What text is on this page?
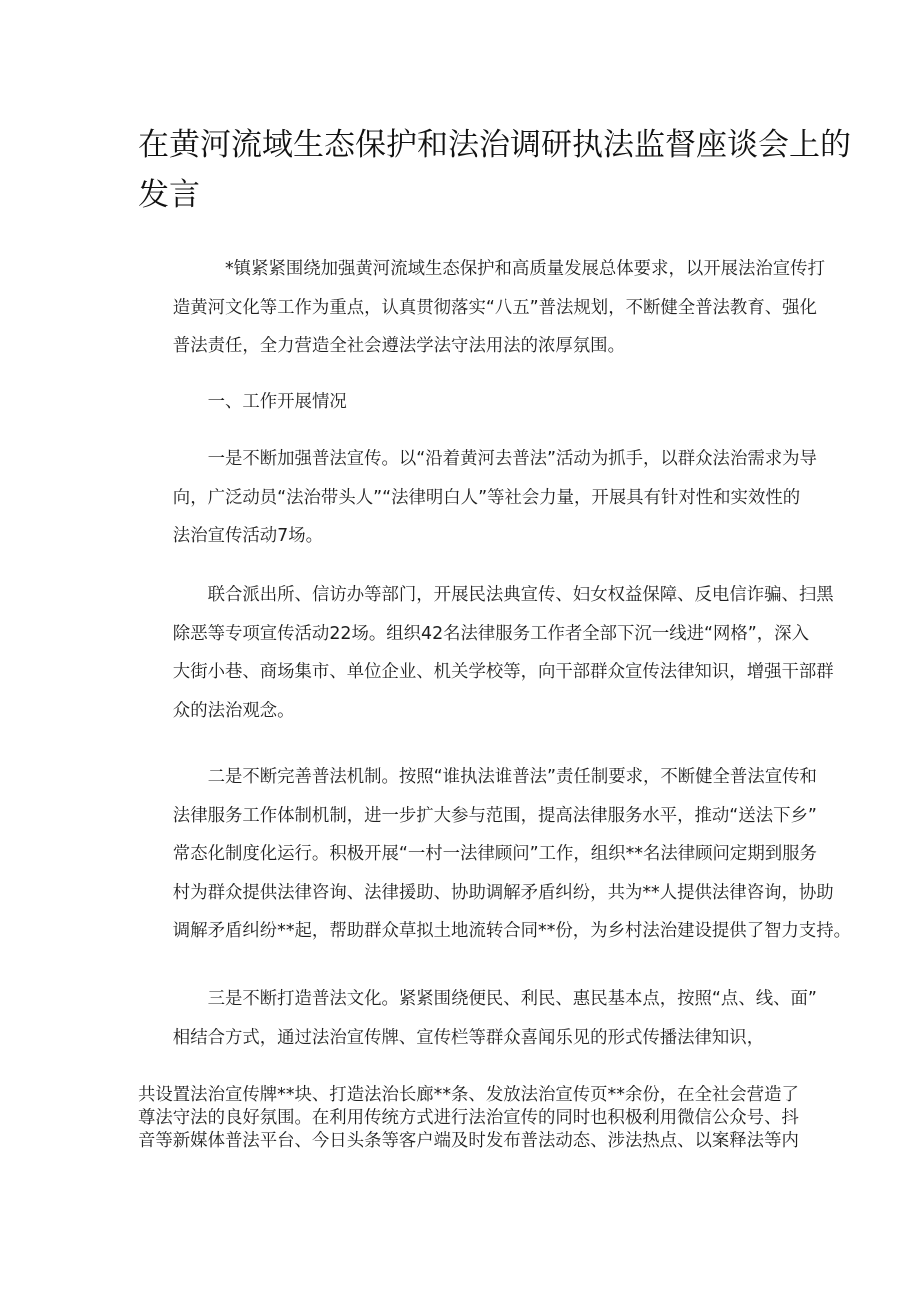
在黄河流域生态保护和法治调研执法监督座谈会上的
发言
*镇紧紧围绕加强黄河流域生态保护和高质量发展总体要求，以开展法治宣传打
造黄河文化等工作为重点，认真贯彻落实“八五”普法规划，不断健全普法教育、强化
普法责任，全力营造全社会遵法学法守法用法的浓厚氛围。
一、工作开展情况
一是不断加强普法宣传。以“沿着黄河去普法”活动为抓手，以群众法治需求为导
向，广泛动员“法治带头人”“法律明白人”等社会力量，开展具有针对性和实效性的
法治宣传活动7场。
联合派出所、信访办等部门，开展民法典宣传、妇女权益保障、反电信诈骗、扫黑
除恶等专项宣传活动22场。组织42名法律服务工作者全部下沉一线进“网格”，深入
大街小巷、商场集市、单位企业、机关学校等，向干部群众宣传法律知识，增强干部群
众的法治观念。
二是不断完善普法机制。按照“谁执法谁普法”责任制要求，不断健全普法宣传和
法律服务工作体制机制，进一步扩大参与范围，提高法律服务水平，推动“送法下乡”
常态化制度化运行。积极开展“一村一法律顾问”工作，组织**名法律顾问定期到服务
村为群众提供法律咨询、法律援助、协助调解矛盾纠纷，共为**人提供法律咨询，协助
调解矛盾纠纷**起，帮助群众草拟土地流转合同**份，为乡村法治建设提供了智力支持。
三是不断打造普法文化。紧紧围绕便民、利民、惠民基本点，按照“点、线、面”
相结合方式，通过法治宣传牌、宣传栏等群众喜闻乐见的形式传播法律知识，
共设置法治宣传牌**块、打造法治长廊**条、发放法治宣传页**余份，在全社会营造了
尊法守法的良好氛围。在利用传统方式进行法治宣传的同时也积极利用微信公众号、抖
音等新媒体普法平台、今日头条等客户端及时发布普法动态、涉法热点、以案释法等内
